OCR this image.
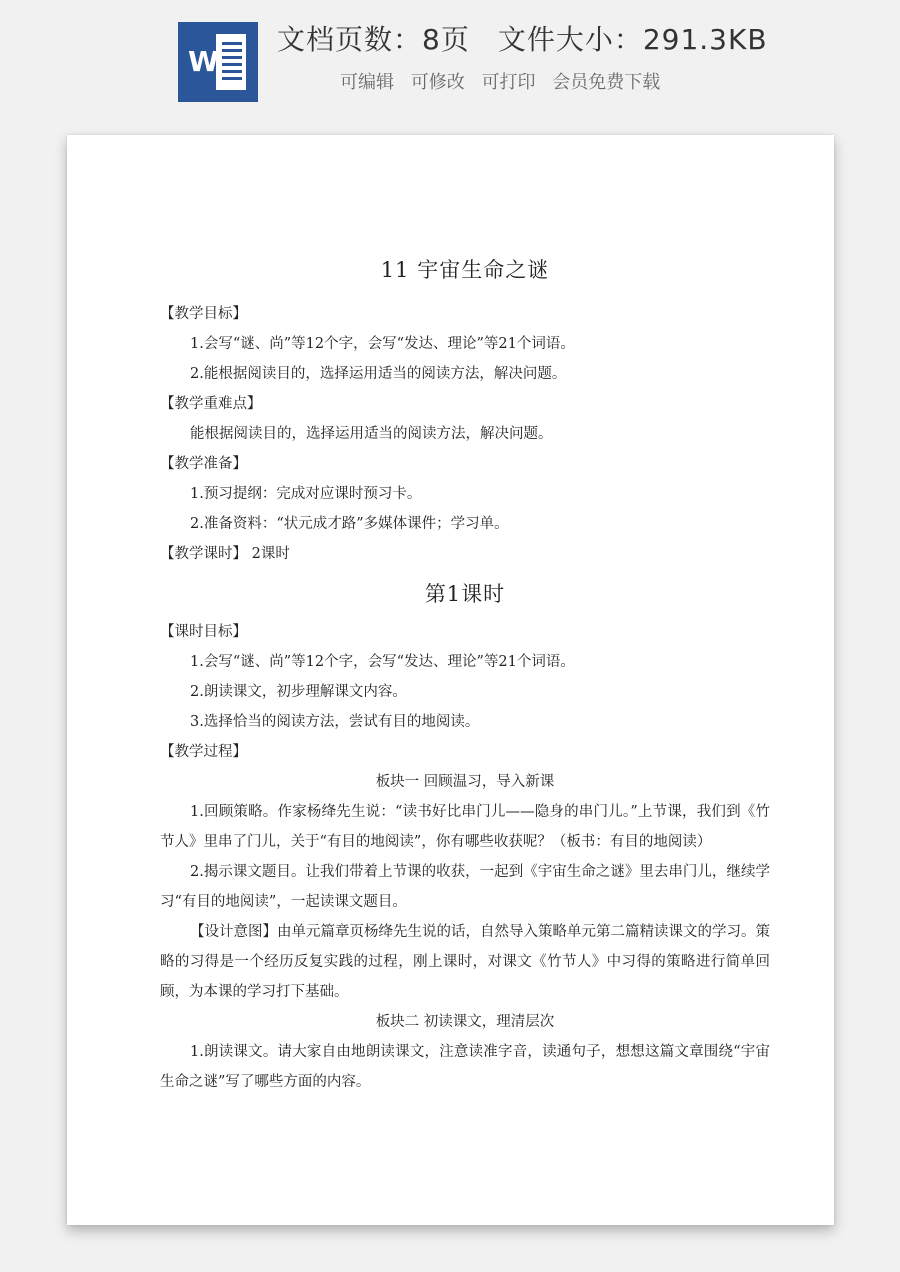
W
文档页数：8页 文件大小：291.3KB
可编辑 可修改 可打印 会员免费下载
11 宇宙生命之谜

【教学目标】

1.会写“谜、尚”等12个字，会写“发达、理论”等21个词语。

2.能根据阅读目的，选择运用适当的阅读方法，解决问题。

【教学重难点】

能根据阅读目的，选择运用适当的阅读方法，解决问题。

【教学准备】

1.预习提纲：完成对应课时预习卡。

2.准备资料：“状元成才路”多媒体课件；学习单。

【教学课时】 2课时

第1课时

【课时目标】

1.会写“谜、尚”等12个字，会写“发达、理论”等21个词语。

2.朗读课文，初步理解课文内容。

3.选择恰当的阅读方法，尝试有目的地阅读。

【教学过程】

板块一 回顾温习，导入新课

1.回顾策略。作家杨绛先生说：“读书好比串门儿——隐身的串门儿。”上节课，我们到《竹节人》里串了门儿，关于“有目的地阅读”，你有哪些收获呢？（板书：有目的地阅读）

2.揭示课文题目。让我们带着上节课的收获，一起到《宇宙生命之谜》里去串门儿，继续学习“有目的地阅读”，一起读课文题目。

【设计意图】由单元篇章页杨绛先生说的话，自然导入策略单元第二篇精读课文的学习。策略的习得是一个经历反复实践的过程，刚上课时，对课文《竹节人》中习得的策略进行简单回顾，为本课的学习打下基础。

板块二 初读课文，理清层次

1.朗读课文。请大家自由地朗读课文，注意读准字音，读通句子，想想这篇文章围绕“宇宙生命之谜”写了哪些方面的内容。
